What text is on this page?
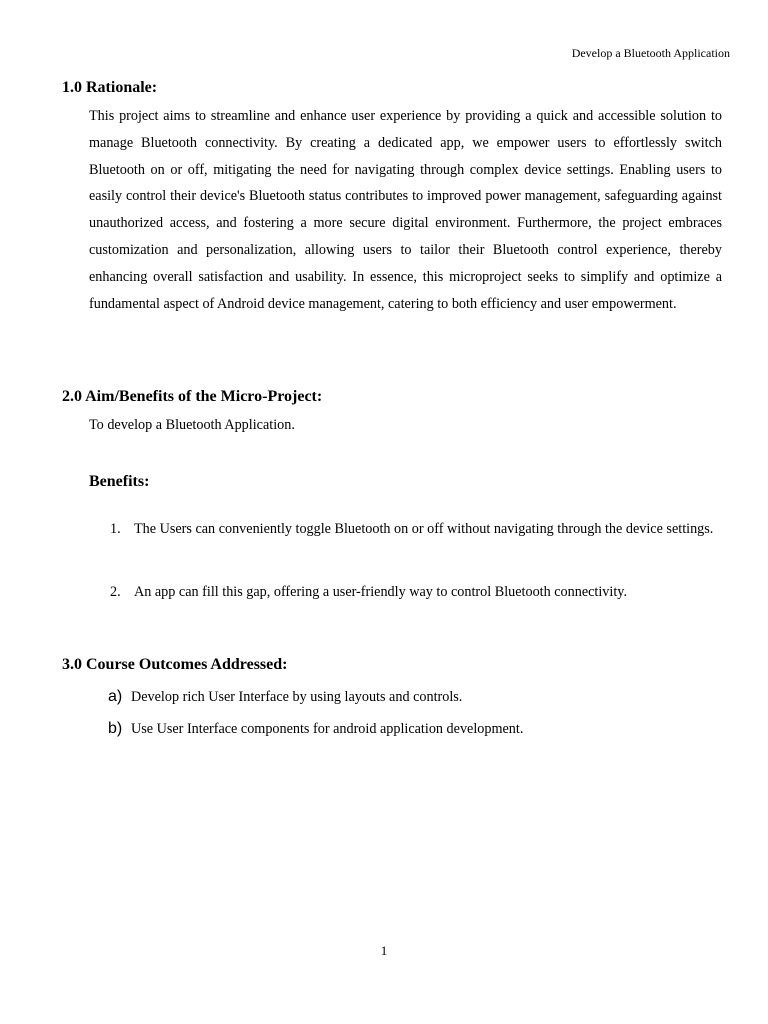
Develop a Bluetooth Application
1.0 Rationale:

This project aims to streamline and enhance user experience by providing a quick and accessible solution to manage Bluetooth connectivity. By creating a dedicated app, we empower users to effortlessly switch Bluetooth on or off, mitigating the need for navigating through complex device settings. Enabling users to easily control their device's Bluetooth status contributes to improved power management, safeguarding against unauthorized access, and fostering a more secure digital environment. Furthermore, the project embraces customization and personalization, allowing users to tailor their Bluetooth control experience, thereby enhancing overall satisfaction and usability. In essence, this microproject seeks to simplify and optimize a fundamental aspect of Android device management, catering to both efficiency and user empowerment.

2.0 Aim/Benefits of the Micro-Project:

To develop a Bluetooth Application.

Benefits:
1. The Users can conveniently toggle Bluetooth on or off without navigating through the device settings.
2. An app can fill this gap, offering a user-friendly way to control Bluetooth connectivity.
3.0 Course Outcomes Addressed:
a) Develop rich User Interface by using layouts and controls.
b) Use User Interface components for android application development.
1
